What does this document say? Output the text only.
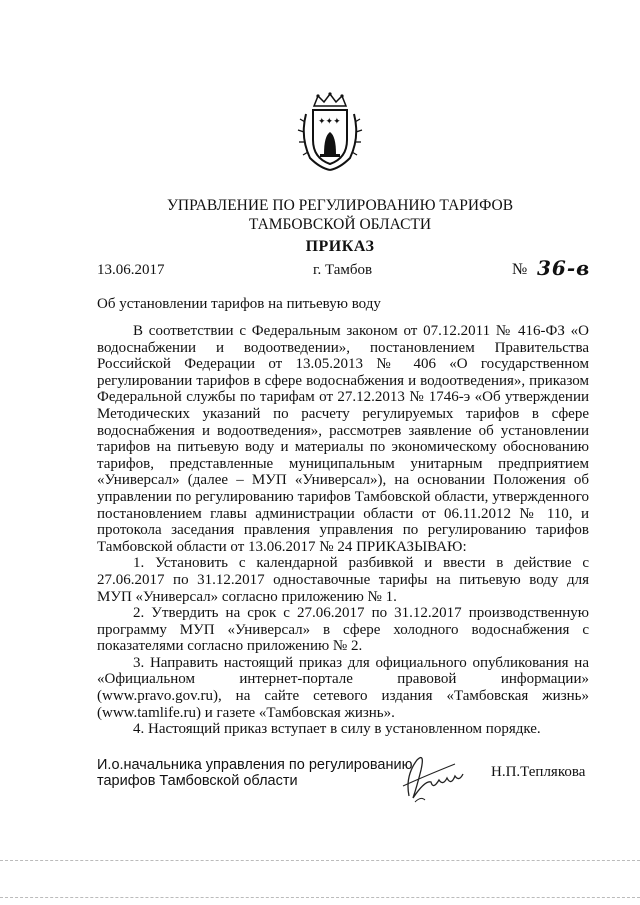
✦✦✦
УПРАВЛЕНИЕ ПО РЕГУЛИРОВАНИЮ ТАРИФОВ
ТАМБОВСКОЙ ОБЛАСТИ
ПРИКАЗ
13.06.2017	г. Тамбов	№ 36-в
Об установлении тарифов на питьевую воду

В соответствии с Федеральным законом от 07.12.2011 № 416-ФЗ «О водоснабжении и водоотведении», постановлением Правительства Российской Федерации от 13.05.2013 № 406 «О государственном регулировании тарифов в сфере водоснабжения и водоотведения», приказом Федеральной службы по тарифам от 27.12.2013 № 1746-э «Об утверждении Методических указаний по расчету регулируемых тарифов в сфере водоснабжения и водоотведения», рассмотрев заявление об установлении тарифов на питьевую воду и материалы по экономическому обоснованию тарифов, представленные муниципальным унитарным предприятием «Универсал» (далее – МУП «Универсал»), на основании Положения об управлении по регулированию тарифов Тамбовской области, утвержденного постановлением главы администрации области от 06.11.2012 № 110, и протокола заседания правления управления по регулированию тарифов Тамбовской области от 13.06.2017 № 24 ПРИКАЗЫВАЮ:

1. Установить с календарной разбивкой и ввести в действие с 27.06.2017 по 31.12.2017 одноставочные тарифы на питьевую воду для МУП «Универсал» согласно приложению № 1.

2. Утвердить на срок с 27.06.2017 по 31.12.2017 производственную программу МУП «Универсал» в сфере холодного водоснабжения с показателями согласно приложению № 2.

3. Направить настоящий приказ для официального опубликования на «Официальном интернет-портале правовой информации» (www.pravo.gov.ru), на сайте сетевого издания «Тамбовская жизнь» (www.tamlife.ru) и газете «Тамбовская жизнь».

4. Настоящий приказ вступает в силу в установленном порядке.

И.о.начальника управления по регулированию
тарифов Тамбовской области
Н.П.Теплякова
